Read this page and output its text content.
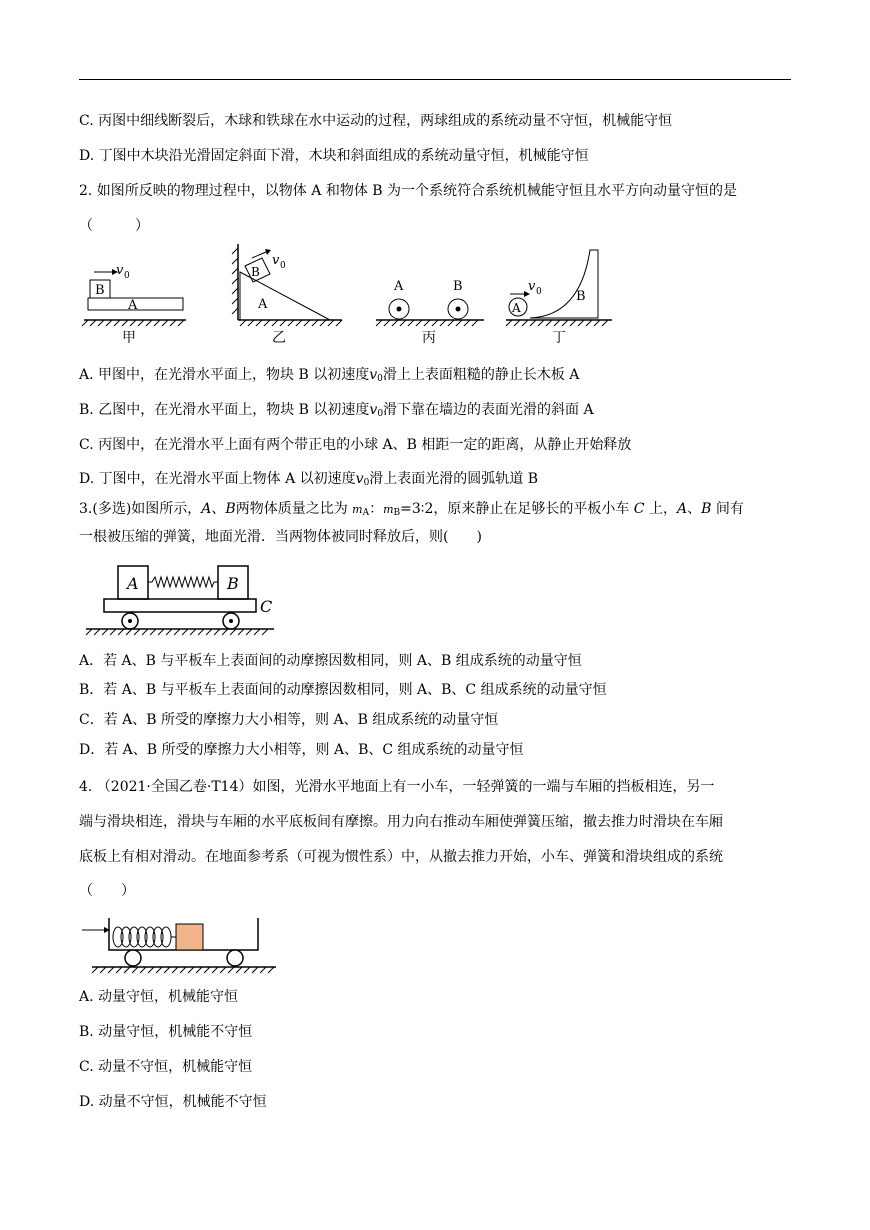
C. 丙图中细线断裂后，木球和铁球在水中运动的过程，两球组成的系统动量不守恒，机械能守恒
D. 丁图中木块沿光滑固定斜面下滑，木块和斜面组成的系统动量守恒，机械能守恒
2. 如图所反映的物理过程中，以物体 A 和物体 B 为一个系统符合系统机械能守恒且水平方向动量守恒的是
（　　　）
B
A
v 0
甲
B
A
v 0
乙
A	B
丙
A
B
v 0
丁
A. 甲图中，在光滑水平面上，物块 B 以初速度$v_0$滑上上表面粗糙的静止长木板 A
B. 乙图中，在光滑水平面上，物块 B 以初速度$v_0$滑下靠在墙边的表面光滑的斜面 A
C. 丙图中，在光滑水平上面有两个带正电的小球 A、B 相距一定的距离，从静止开始释放
D. 丁图中，在光滑水平面上物体 A 以初速度$v_0$滑上表面光滑的圆弧轨道 B
3.(多选)如图所示，A、B两物体质量之比为 $m_A$：$m_B=3∶2$，原来静止在足够长的平板小车 C 上，A、B 间有
一根被压缩的弹簧，地面光滑．当两物体被同时释放后，则(　　)
A	B
C
A．若 A、B 与平板车上表面间的动摩擦因数相同，则 A、B 组成系统的动量守恒
B．若 A、B 与平板车上表面间的动摩擦因数相同，则 A、B、C 组成系统的动量守恒
C．若 A、B 所受的摩擦力大小相等，则 A、B 组成系统的动量守恒
D．若 A、B 所受的摩擦力大小相等，则 A、B、C 组成系统的动量守恒
4. （2021·全国乙卷·T14）如图，光滑水平地面上有一小车，一轻弹簧的一端与车厢的挡板相连，另一
端与滑块相连，滑块与车厢的水平底板间有摩擦。用力向右推动车厢使弹簧压缩，撤去推力时滑块在车厢
底板上有相对滑动。在地面参考系（可视为惯性系）中，从撤去推力开始，小车、弹簧和滑块组成的系统
（　　）
A. 动量守恒，机械能守恒
B. 动量守恒，机械能不守恒
C. 动量不守恒，机械能守恒
D. 动量不守恒，机械能不守恒
